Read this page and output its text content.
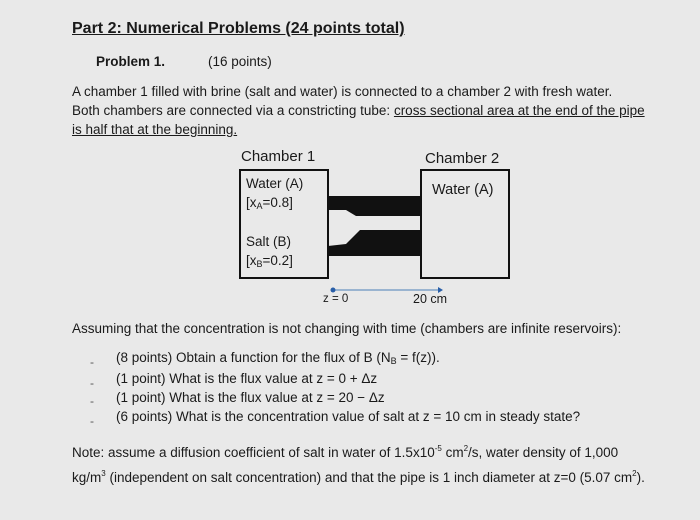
Part 2: Numerical Problems (24 points total)
Problem 1.	(16 points)
A chamber 1 filled with brine (salt and water) is connected to a chamber 2 with fresh water.
Both chambers are connected via a constricting tube: cross sectional area at the end of the pipe
is half that at the beginning.
Chamber 1	Chamber 2
Water (A)
$[x_A=0.8]$
Salt (B)
$[x_B=0.2]$
Water (A)
z = 0	20 cm
Assuming that the concentration is not changing with time (chambers are infinite reservoirs):
- (8 points) Obtain a function for the flux of B $(N_B = f(z))$.
- (1 point) What is the flux value at z = 0 + Δz
- (1 point) What is the flux value at z = 20 − Δz
- (6 points) What is the concentration value of salt at z = 10 cm in steady state?
Note: assume a diffusion coefficient of salt in water of $1.5x10^{-5}$ $cm^2/s$, water density of 1,000
$kg/m^3$ (independent on salt concentration) and that the pipe is 1 inch diameter at z=0 (5.07 $cm^2$).
